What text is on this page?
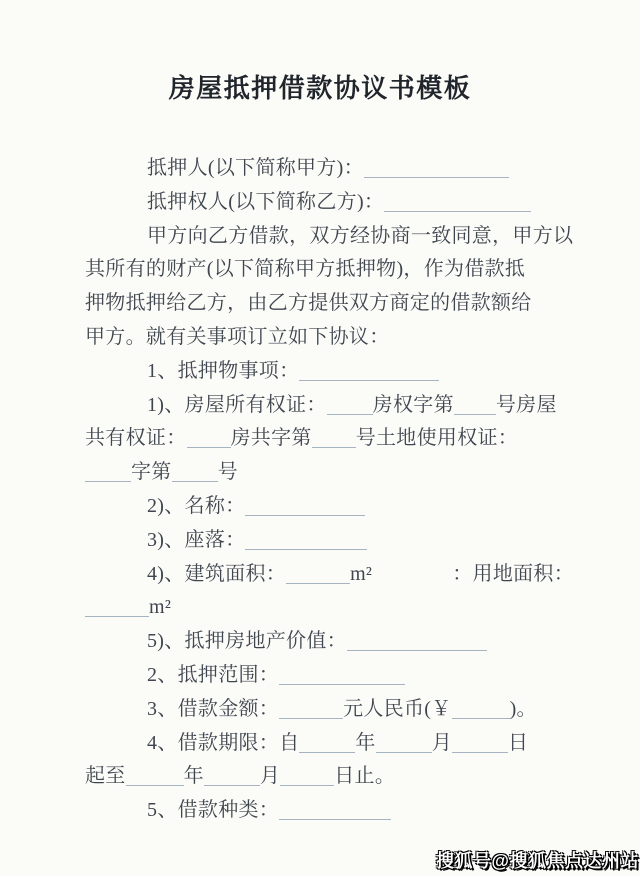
房屋抵押借款协议书模板
抵押人(以下简称甲方)：
抵押权人(以下简称乙方)：
甲方向乙方借款，双方经协商一致同意，甲方以
其所有的财产(以下简称甲方抵押物)，作为借款抵
押物抵押给乙方，由乙方提供双方商定的借款额给
甲方。就有关事项订立如下协议：
1、抵押物事项：
1)、房屋所有权证： 房权字第 号房屋
共有权证： 房共字第 号土地使用权证：
字第 号
2)、名称：
3)、座落：
4)、建筑面积：	m²	：用地面积：
m²
5)、抵押房地产价值：
2、抵押范围：
3、借款金额：	元人民币(￥	)。
4、借款期限：自	年	月	日
起至	年	月	日止。
5、借款种类：
搜狐号@搜狐焦点达州站
